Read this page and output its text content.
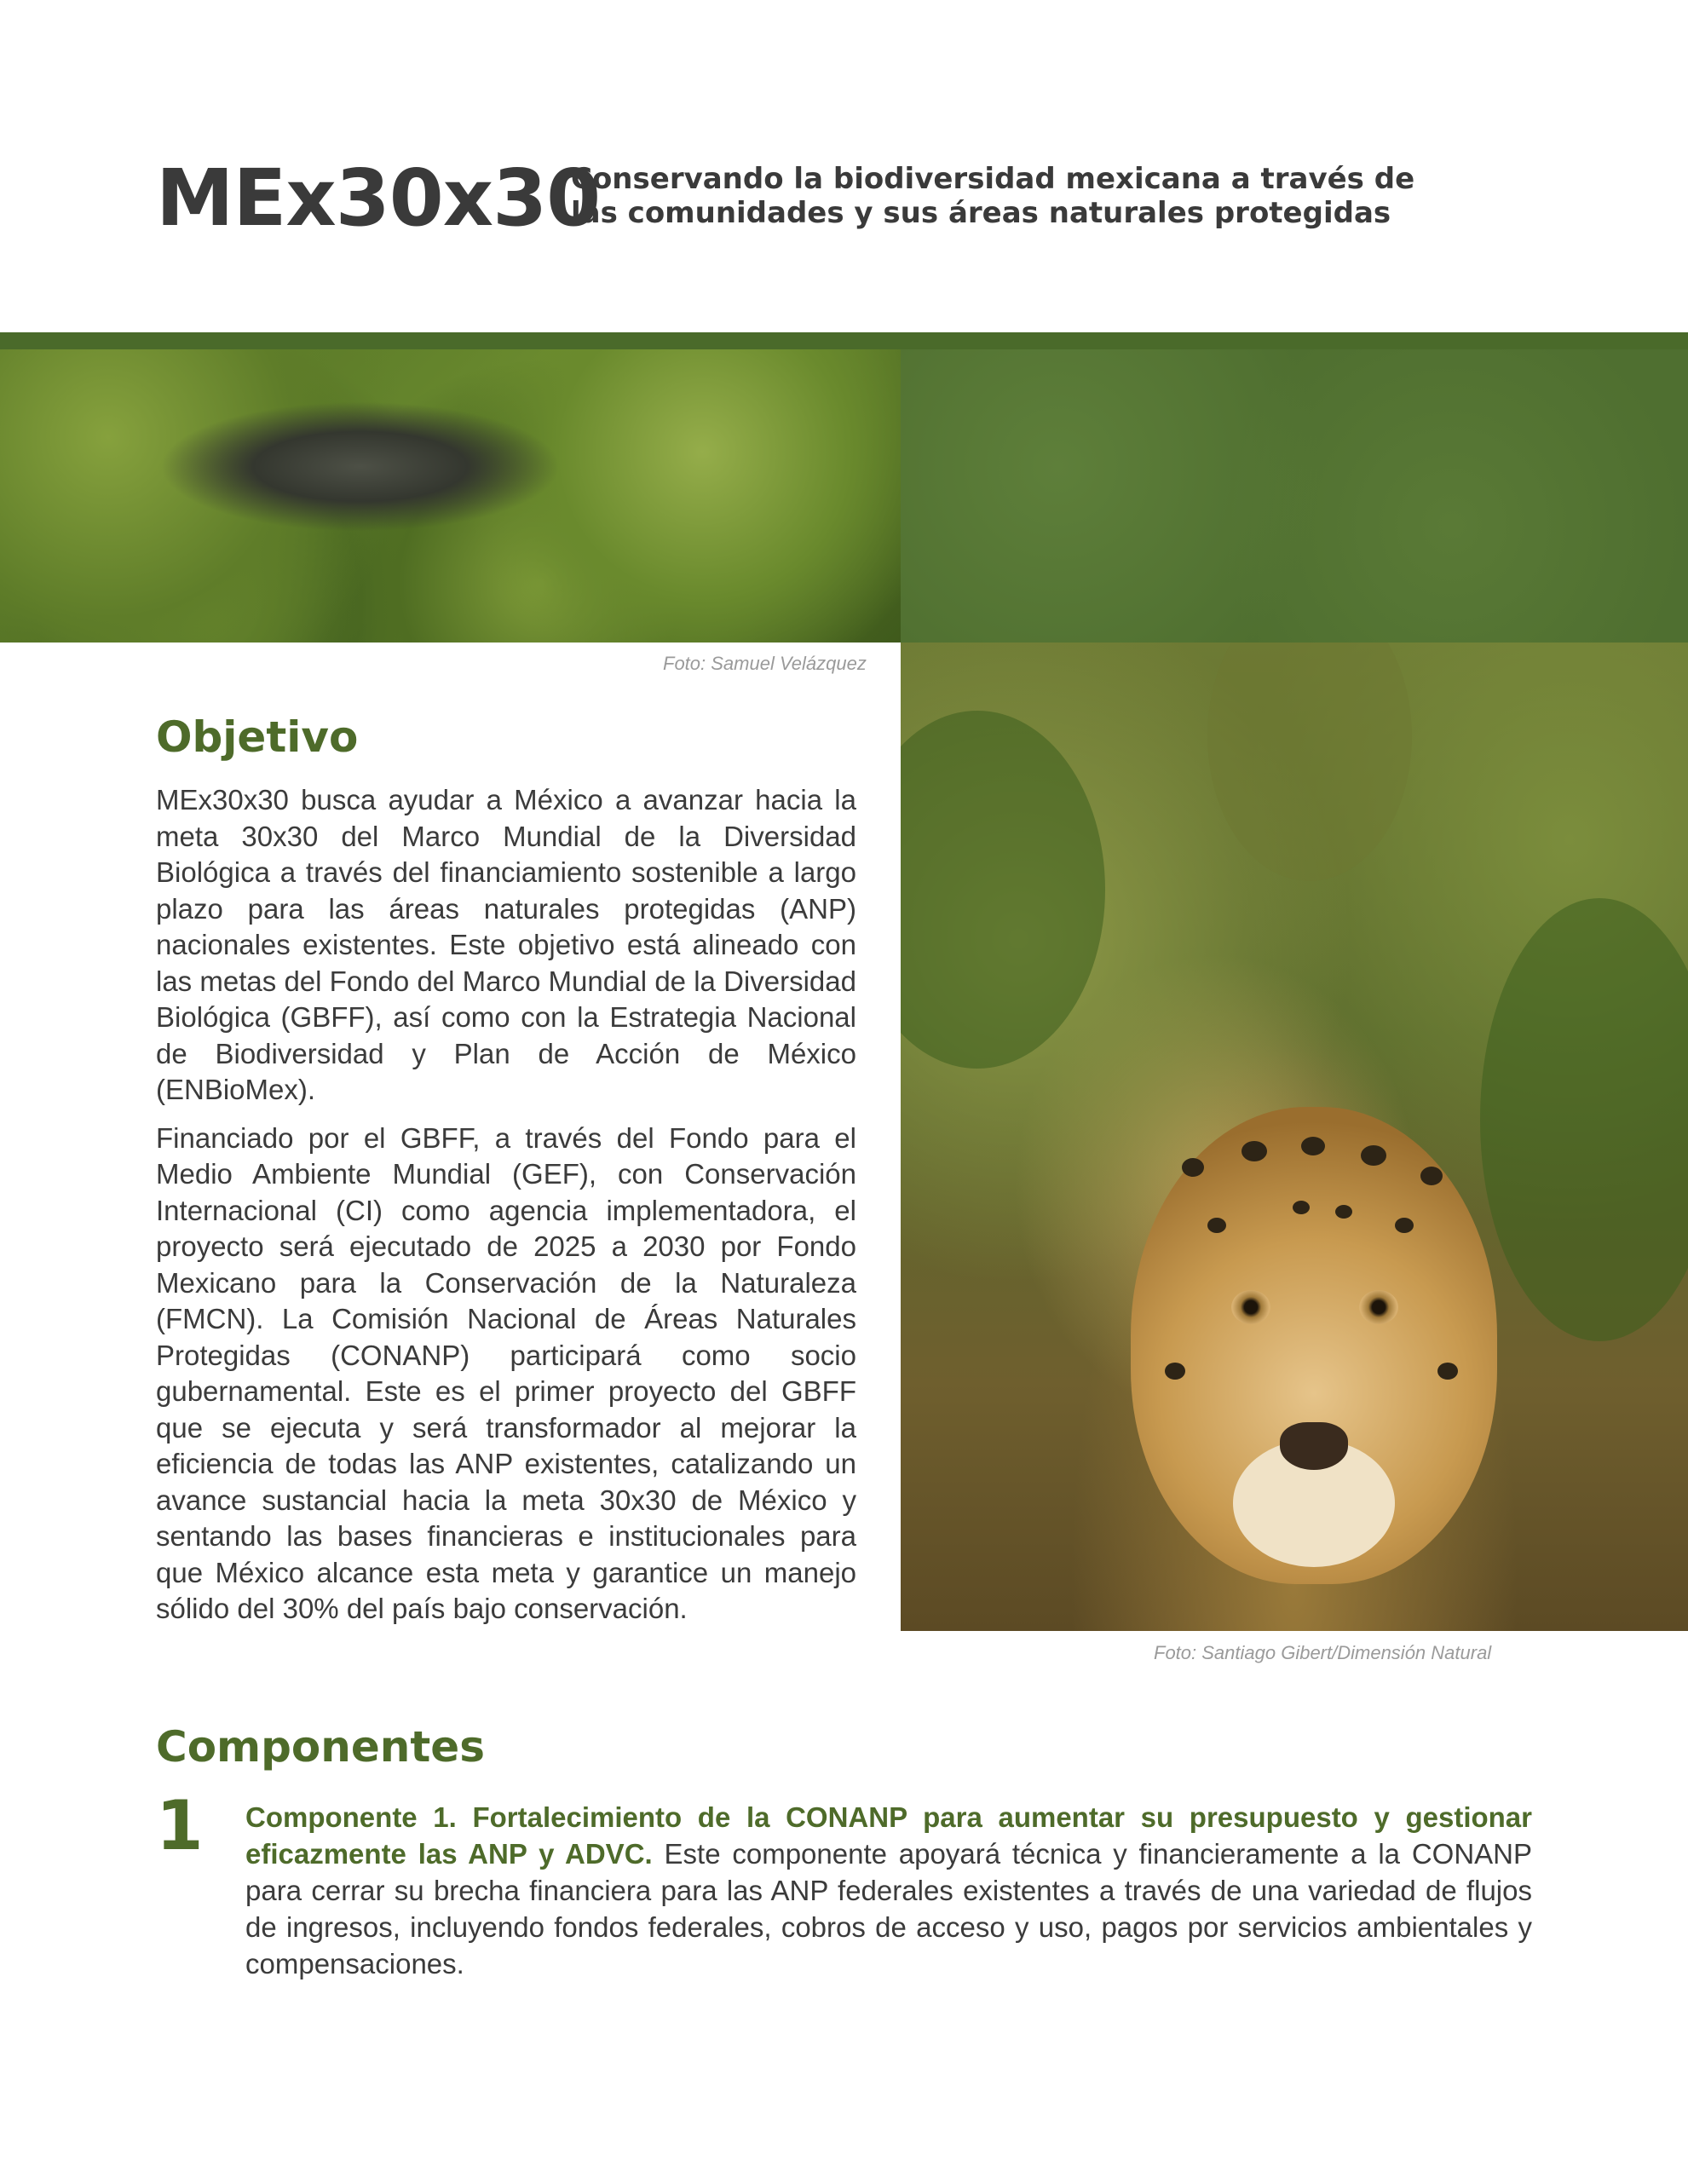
MEx30x30
Conservando la biodiversidad mexicana a través de las comunidades y sus áreas naturales protegidas
Foto: Samuel Velázquez
Objetivo

MEx30x30 busca ayudar a México a avanzar hacia la meta 30x30 del Marco Mundial de la Diversidad Biológica a través del financiamiento sostenible a largo plazo para las áreas naturales protegidas (ANP) nacionales existentes. Este objetivo está alineado con las metas del Fondo del Marco Mundial de la Diversidad Biológica (GBFF), así como con la Estrategia Nacional de Biodiversidad y Plan de Acción de México (ENBioMex).

Financiado por el GBFF, a través del Fondo para el Medio Ambiente Mundial (GEF), con Conservación Internacional (CI) como agencia implementadora, el proyecto será ejecutado de 2025 a 2030 por Fondo Mexicano para la Conservación de la Naturaleza (FMCN). La Comisión Nacional de Áreas Naturales Protegidas (CONANP) participará como socio gubernamental. Este es el primer proyecto del GBFF que se ejecuta y será transformador al mejorar la eficiencia de todas las ANP existentes, catalizando un avance sustancial hacia la meta 30x30 de México y sentando las bases financieras e institucionales para que México alcance esta meta y garantice un manejo sólido del 30% del país bajo conservación.

Foto: Santiago Gibert/Dimensión Natural
Componentes
1 Componente 1. Fortalecimiento de la CONANP para aumentar su presupuesto y gestionar eficazmente las ANP y ADVC. Este componente apoyará técnica y financieramente a la CONANP para cerrar su brecha financiera para las ANP federales existentes a través de una variedad de flujos de ingresos, incluyendo fondos federales, cobros de acceso y uso, pagos por servicios ambientales y compensaciones.
